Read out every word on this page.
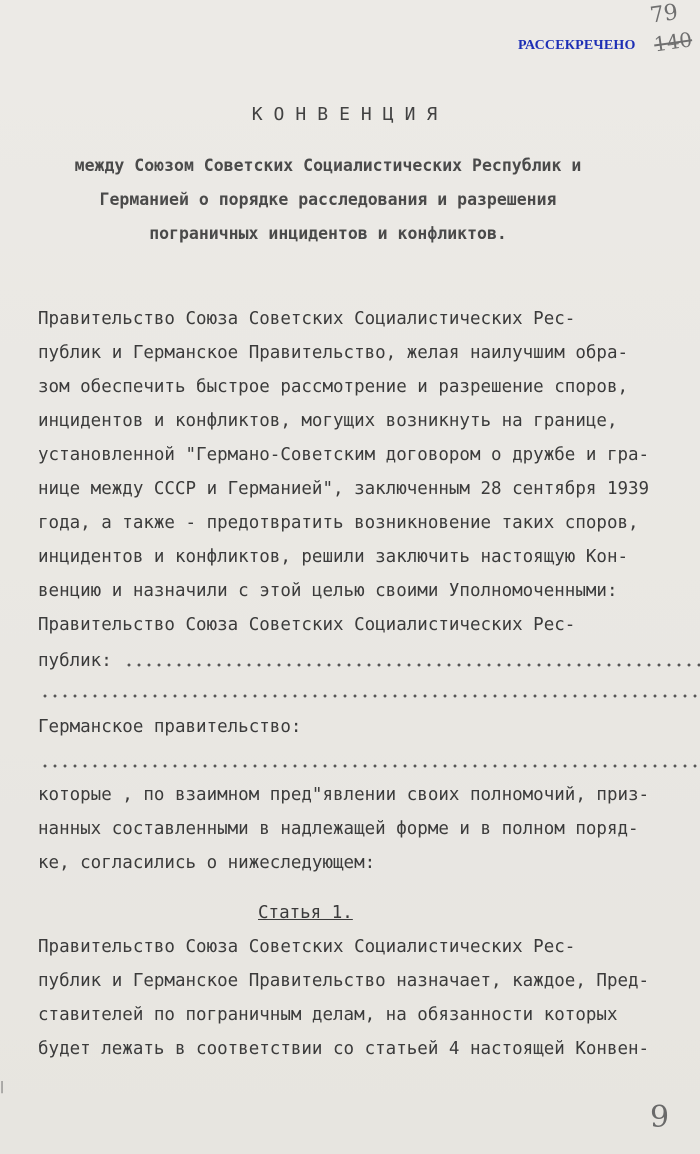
РАССЕКРЕЧЕНО
79
140
КОНВЕНЦИЯ
между Союзом Советских Социалистических Республик и
Германией о порядке расследования и разрешения
пограничных инцидентов и конфликтов.
Правительство Союза Советских Социалистических Рес-
публик и Германское Правительство, желая наилучшим обра-
зом обеспечить быстрое рассмотрение и разрешение споров,
инцидентов и конфликтов, могущих возникнуть на границе,
установленной "Германо-Советским договором о дружбе и гра-
нице между СССР и Германией", заключенным 28 сентября 1939
года, а также - предотвратить возникновение таких споров,
инцидентов и конфликтов, решили заключить настоящую Кон-
венцию и назначили с этой целью своими Уполномоченными:
Правительство Союза Советских Социалистических Рес-
публик:
Германское правительство:
которые , по взаимном пред"явлении своих полномочий, приз-
нанных составленными в надлежащей форме и в полном поряд-
ке, согласились о нижеследующем:
Статья 1.
Правительство Союза Советских Социалистических Рес-
публик и Германское Правительство назначает, каждое, Пред-
ставителей по пограничным делам, на обязанности которых
будет лежать в соответствии со статьей 4 настоящей Конвен-
9
|
